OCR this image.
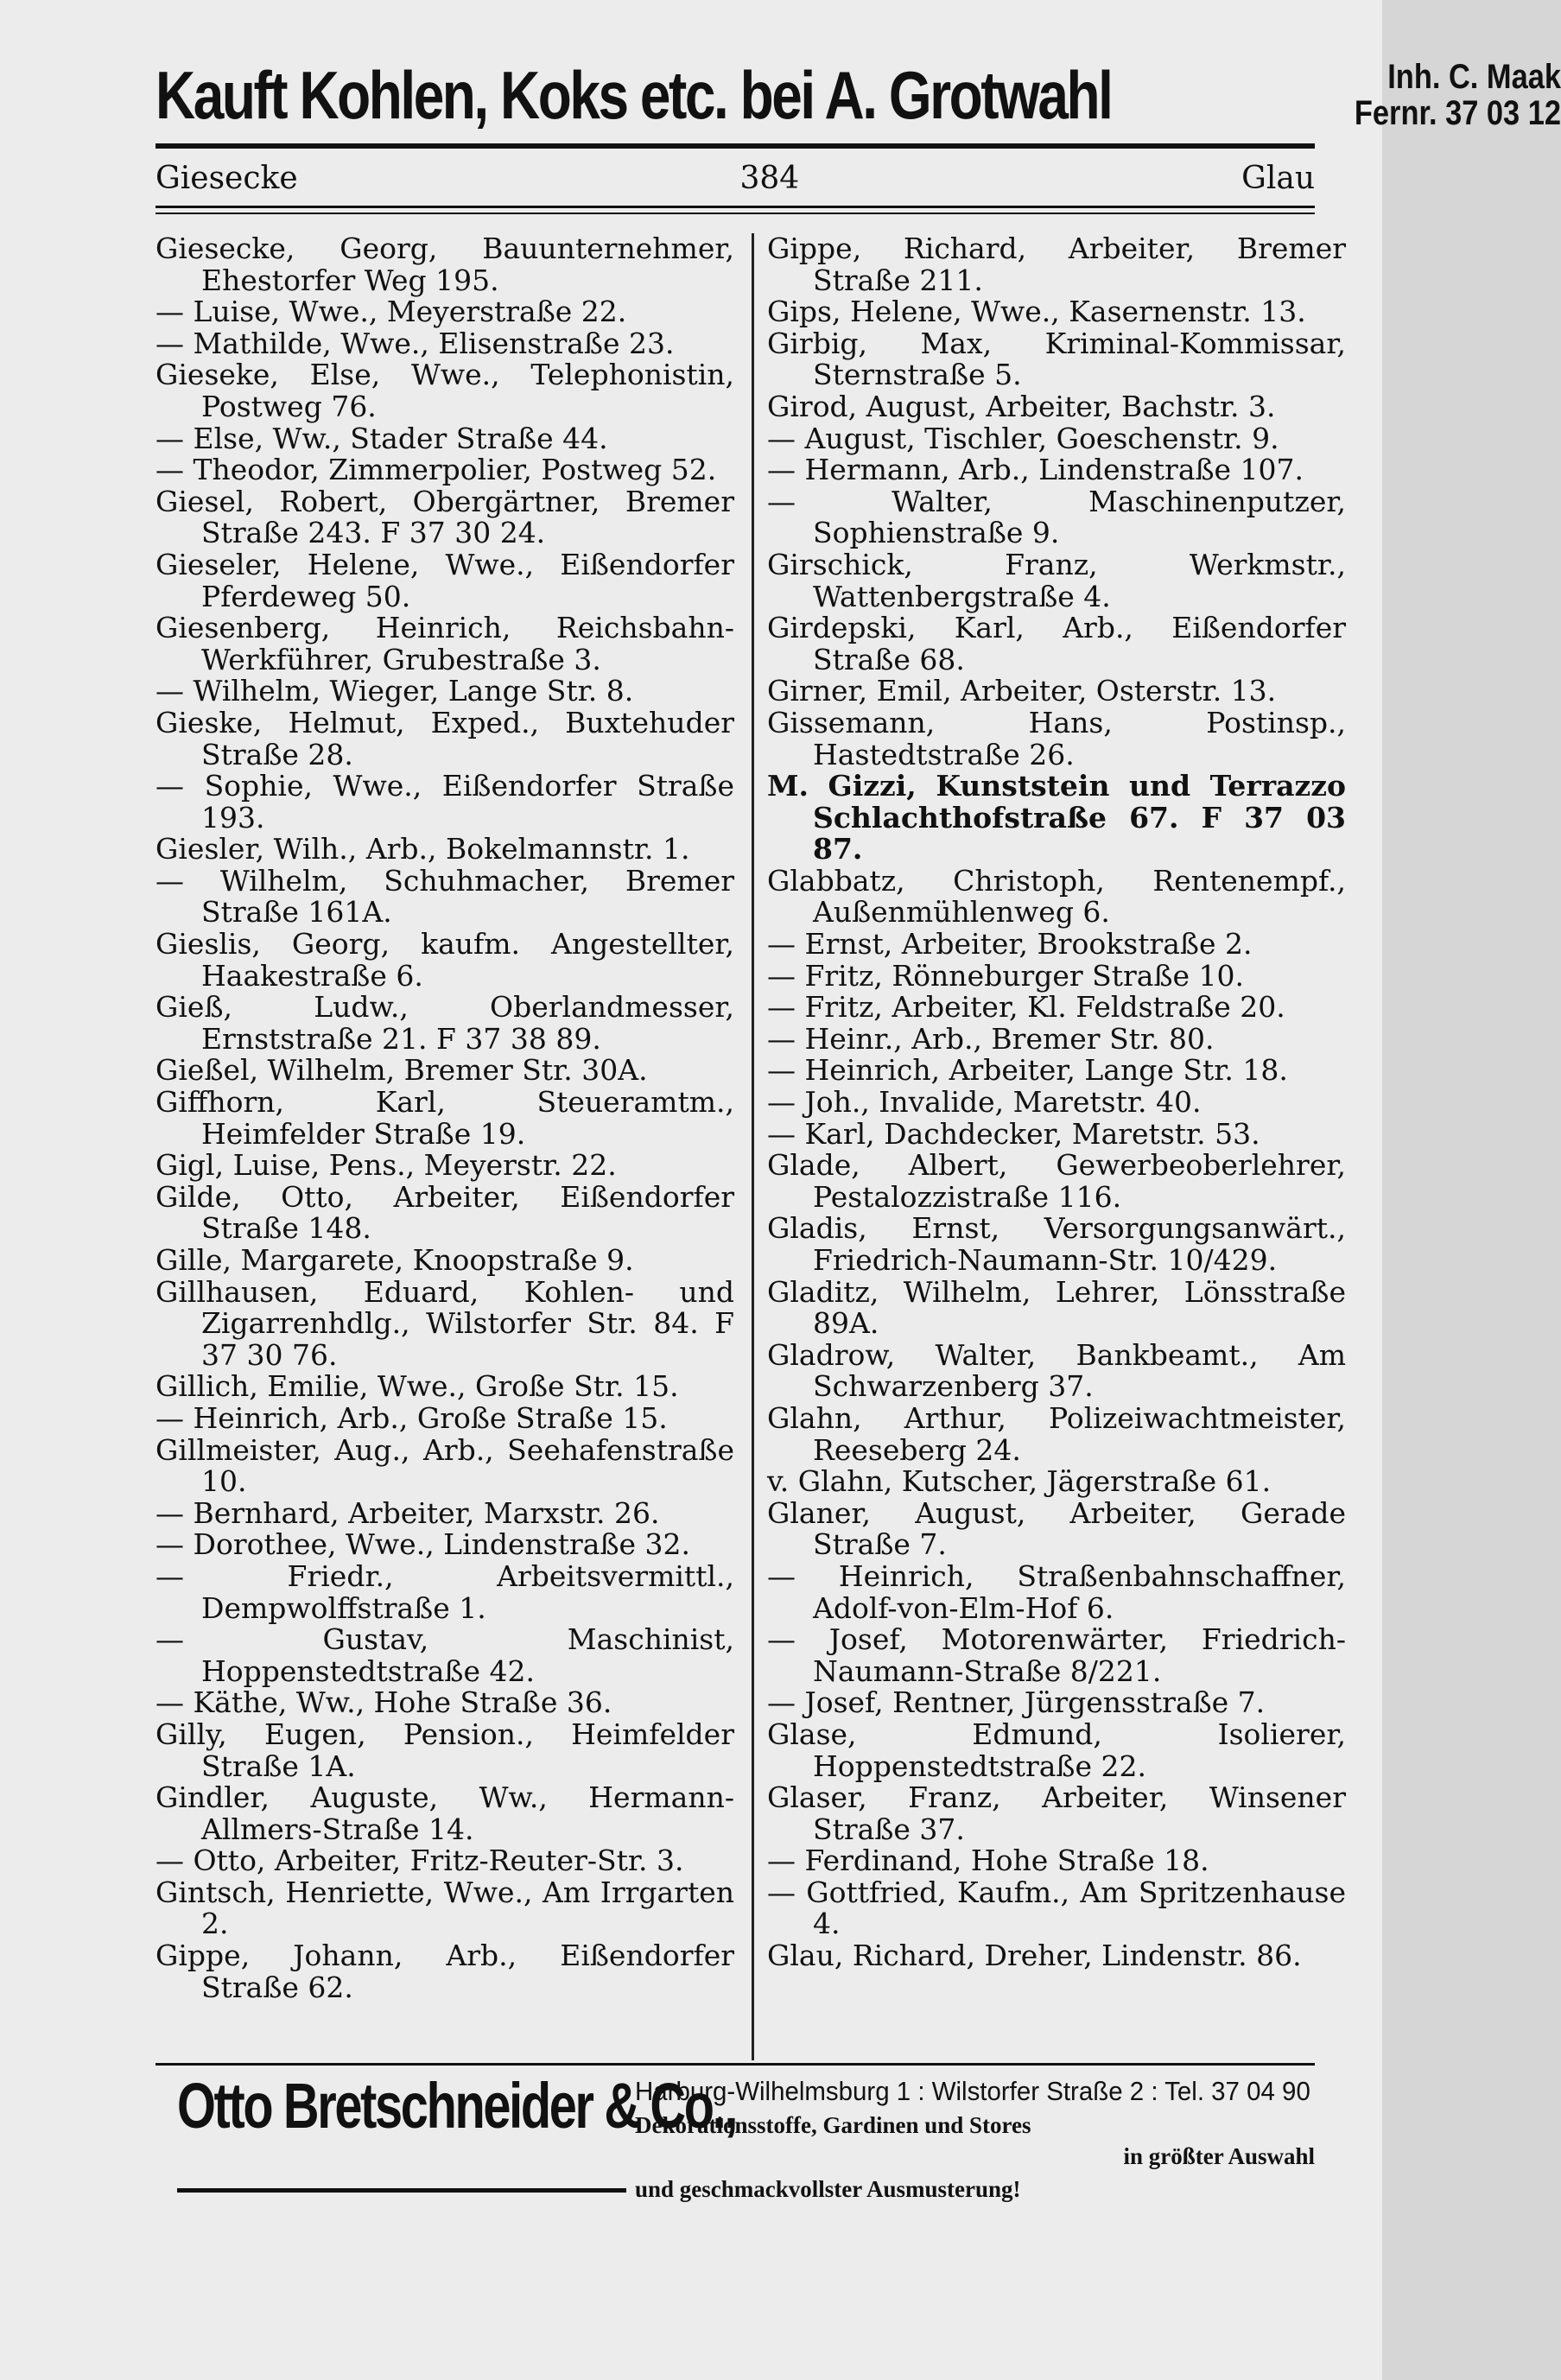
Kauft Kohlen, Koks etc. bei A. Grotwahl	Inh. C. Maak
Fernr. 37 03 12
Giesecke	384	Glau

Giesecke, Georg, Bauunternehmer, Ehestorfer Weg 195.

— Luise, Wwe., Meyerstraße 22.

— Mathilde, Wwe., Elisenstraße 23.

Gieseke, Else, Wwe., Telephonistin, Postweg 76.

— Else, Ww., Stader Straße 44.

— Theodor, Zimmerpolier, Postweg 52.

Giesel, Robert, Obergärtner, Bremer Straße 243. F 37 30 24.

Gieseler, Helene, Wwe., Eißendorfer Pferdeweg 50.

Giesenberg, Heinrich, Reichsbahn-Werkführer, Grubestraße 3.

— Wilhelm, Wieger, Lange Str. 8.

Gieske, Helmut, Exped., Buxtehuder Straße 28.

— Sophie, Wwe., Eißendorfer Straße 193.

Giesler, Wilh., Arb., Bokelmannstr. 1.

— Wilhelm, Schuhmacher, Bremer Straße 161A.

Gieslis, Georg, kaufm. Angestellter, Haakestraße 6.

Gieß, Ludw., Oberlandmesser, Ernststraße 21. F 37 38 89.

Gießel, Wilhelm, Bremer Str. 30A.

Giffhorn, Karl, Steueramtm., Heimfelder Straße 19.

Gigl, Luise, Pens., Meyerstr. 22.

Gilde, Otto, Arbeiter, Eißendorfer Straße 148.

Gille, Margarete, Knoopstraße 9.

Gillhausen, Eduard, Kohlen- und Zigarrenhdlg., Wilstorfer Str. 84. F 37 30 76.

Gillich, Emilie, Wwe., Große Str. 15.

— Heinrich, Arb., Große Straße 15.

Gillmeister, Aug., Arb., Seehafenstraße 10.

— Bernhard, Arbeiter, Marxstr. 26.

— Dorothee, Wwe., Lindenstraße 32.

— Friedr., Arbeitsvermittl., Dempwolffstraße 1.

— Gustav, Maschinist, Hoppenstedtstraße 42.

— Käthe, Ww., Hohe Straße 36.

Gilly, Eugen, Pension., Heimfelder Straße 1A.

Gindler, Auguste, Ww., Hermann-Allmers-Straße 14.

— Otto, Arbeiter, Fritz-Reuter-Str. 3.

Gintsch, Henriette, Wwe., Am Irrgarten 2.

Gippe, Johann, Arb., Eißendorfer Straße 62.

Gippe, Richard, Arbeiter, Bremer Straße 211.

Gips, Helene, Wwe., Kasernenstr. 13.

Girbig, Max, Kriminal-Kommissar, Sternstraße 5.

Girod, August, Arbeiter, Bachstr. 3.

— August, Tischler, Goeschenstr. 9.

— Hermann, Arb., Lindenstraße 107.

— Walter, Maschinenputzer, Sophienstraße 9.

Girschick, Franz, Werkmstr., Wattenbergstraße 4.

Girdepski, Karl, Arb., Eißendorfer Straße 68.

Girner, Emil, Arbeiter, Osterstr. 13.

Gissemann, Hans, Postinsp., Hastedtstraße 26.

M. Gizzi, Kunststein und Terrazzo Schlachthofstraße 67. F 37 03 87.

Glabbatz, Christoph, Rentenempf., Außenmühlenweg 6.

— Ernst, Arbeiter, Brookstraße 2.

— Fritz, Rönneburger Straße 10.

— Fritz, Arbeiter, Kl. Feldstraße 20.

— Heinr., Arb., Bremer Str. 80.

— Heinrich, Arbeiter, Lange Str. 18.

— Joh., Invalide, Maretstr. 40.

— Karl, Dachdecker, Maretstr. 53.

Glade, Albert, Gewerbeoberlehrer, Pestalozzistraße 116.

Gladis, Ernst, Versorgungsanwärt., Friedrich-Naumann-Str. 10/429.

Gladitz, Wilhelm, Lehrer, Lönsstraße 89A.

Gladrow, Walter, Bankbeamt., Am Schwarzenberg 37.

Glahn, Arthur, Polizeiwachtmeister, Reeseberg 24.

v. Glahn, Kutscher, Jägerstraße 61.

Glaner, August, Arbeiter, Gerade Straße 7.

— Heinrich, Straßenbahnschaffner, Adolf-von-Elm-Hof 6.

— Josef, Motorenwärter, Friedrich-Naumann-Straße 8/221.

— Josef, Rentner, Jürgensstraße 7.

Glase, Edmund, Isolierer, Hoppenstedtstraße 22.

Glaser, Franz, Arbeiter, Winsener Straße 37.

— Ferdinand, Hohe Straße 18.

— Gottfried, Kaufm., Am Spritzenhause 4.

Glau, Richard, Dreher, Lindenstr. 86.

Otto Bretschneider & Co.,
Harburg-Wilhelmsburg 1 : Wilstorfer Straße 2 : Tel. 37 04 90
Dekorationsstoffe, Gardinen und Stores
in größter Auswahl
und geschmackvollster Ausmusterung!
